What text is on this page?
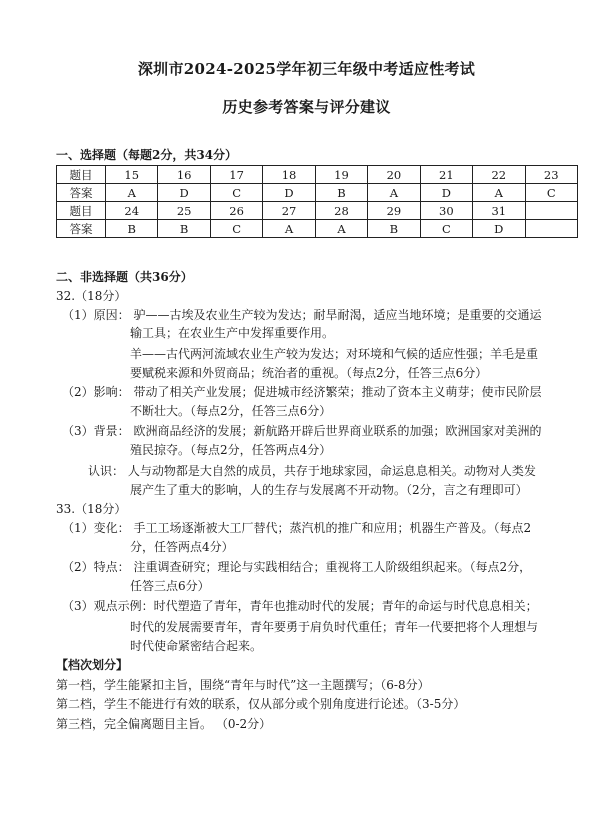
深圳市2024-2025学年初三年级中考适应性考试
历史参考答案与评分建议
一、选择题（每题2分，共34分）
题目	15	16	17	18	19	20	21	22	23
答案	A	D	C	D	B	A	D	A	C
题目	24	25	26	27	28	29	30	31	
答案	B	B	C	A	A	B	C	D	
二、非选择题（共36分）
32.（18分）
（1）原因： 驴——古埃及农业生产较为发达；耐旱耐渴，适应当地环境；是重要的交通运
输工具；在农业生产中发挥重要作用。
羊——古代两河流域农业生产较为发达；对环境和气候的适应性强；羊毛是重
要赋税来源和外贸商品；统治者的重视。（每点2分，任答三点6分）
（2）影响： 带动了相关产业发展；促进城市经济繁荣；推动了资本主义萌芽；使市民阶层
不断壮大。（每点2分，任答三点6分）
（3）背景： 欧洲商品经济的发展；新航路开辟后世界商业联系的加强；欧洲国家对美洲的
殖民掠夺。（每点2分，任答两点4分）
认识： 人与动物都是大自然的成员，共存于地球家园，命运息息相关。动物对人类发
展产生了重大的影响，人的生存与发展离不开动物。（2分，言之有理即可）
33.（18分）
（1）变化： 手工工场逐渐被大工厂替代；蒸汽机的推广和应用；机器生产普及。（每点2
分，任答两点4分）
（2）特点： 注重调查研究；理论与实践相结合；重视将工人阶级组织起来。（每点2分，
任答三点6分）
（3）观点示例：时代塑造了青年，青年也推动时代的发展；青年的命运与时代息息相关；
时代的发展需要青年，青年要勇于肩负时代重任；青年一代要把将个人理想与
时代使命紧密结合起来。
【档次划分】
第一档，学生能紧扣主旨，围绕“青年与时代”这一主题撰写；（6-8分）
第二档，学生不能进行有效的联系，仅从部分或个别角度进行论述。（3-5分）
第三档，完全偏离题目主旨。 （0-2分）
